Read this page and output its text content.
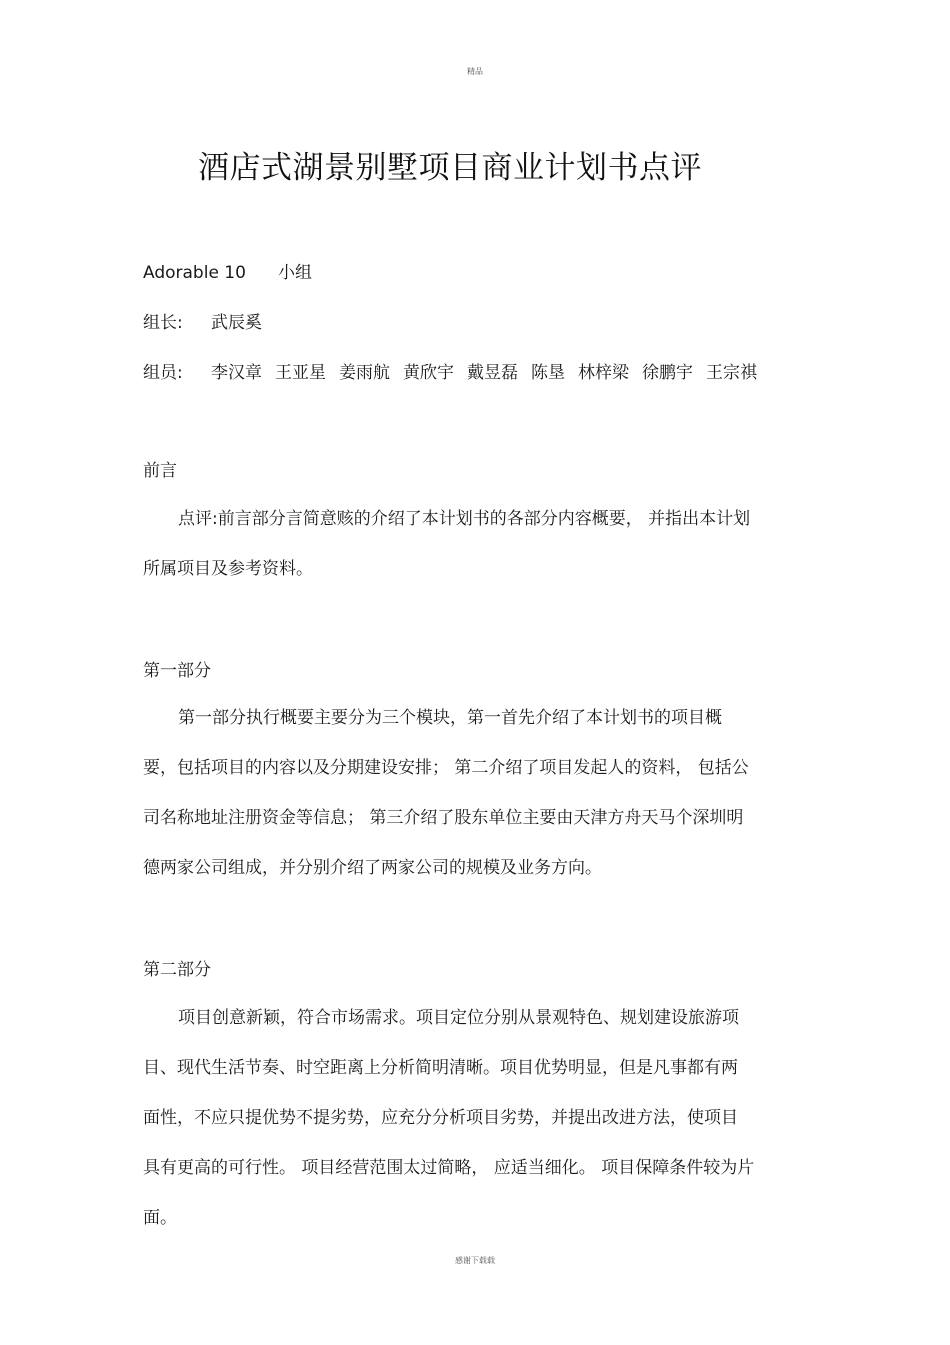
精品
酒店式湖景别墅项目商业计划书点评
Adorable 10 小组
组长: 武辰奚
组员: 李汉章 王亚星 姜雨航 黄欣宇 戴昱磊 陈垦 林梓梁 徐鹏宇 王宗祺
前言
点评:前言部分言简意赅的介绍了本计划书的各部分内容概要， 并指出本计划
所属项目及参考资料。
第一部分
第一部分执行概要主要分为三个模块，第一首先介绍了本计划书的项目概
要，包括项目的内容以及分期建设安排； 第二介绍了项目发起人的资料， 包括公
司名称地址注册资金等信息； 第三介绍了股东单位主要由天津方舟天马个深圳明
德两家公司组成，并分别介绍了两家公司的规模及业务方向。
第二部分
项目创意新颖，符合市场需求。项目定位分别从景观特色、规划建设旅游项
目、现代生活节奏、时空距离上分析简明清晰。项目优势明显，但是凡事都有两
面性，不应只提优势不提劣势，应充分分析项目劣势，并提出改进方法，使项目
具有更高的可行性。 项目经营范围太过简略， 应适当细化。 项目保障条件较为片
面。
感谢下载载
